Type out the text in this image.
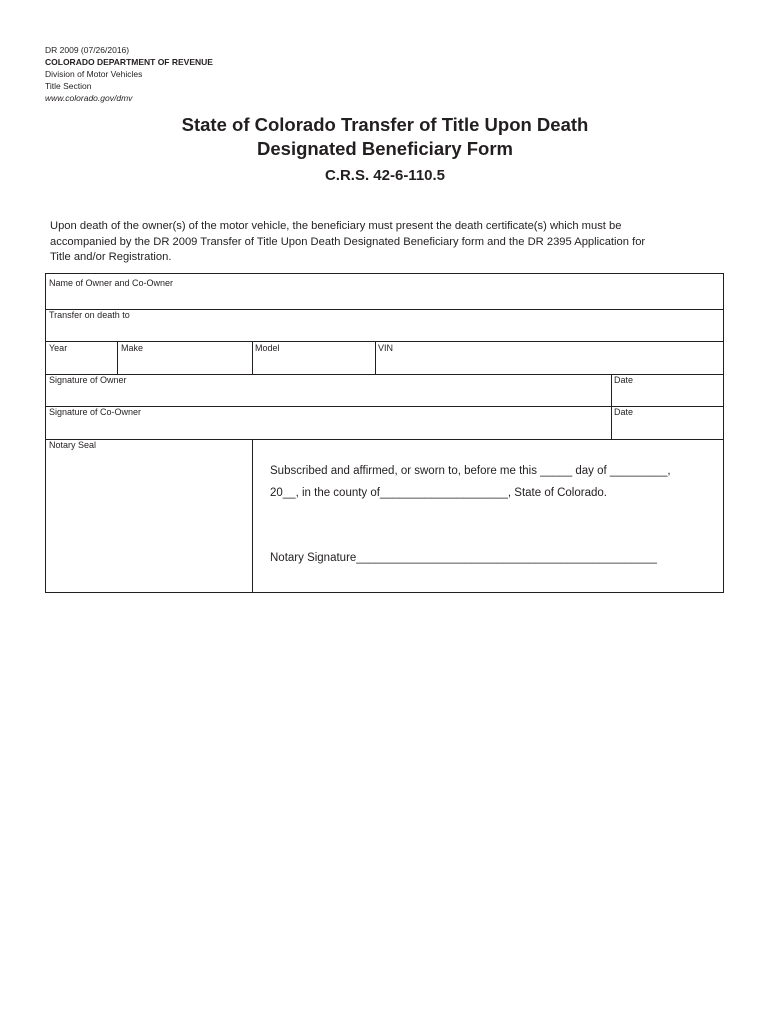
DR 2009 (07/26/2016)
COLORADO DEPARTMENT OF REVENUE
Division of Motor Vehicles
Title Section
www.colorado.gov/dmv
State of Colorado Transfer of Title Upon Death
Designated Beneficiary Form
C.R.S. 42-6-110.5
Upon death of the owner(s) of the motor vehicle, the beneficiary must present the death certificate(s) which must be
accompanied by the DR 2009 Transfer of Title Upon Death Designated Beneficiary form and the DR 2395 Application for
Title and/or Registration.
Name of Owner and Co-Owner
Transfer on death to
Year	Make	Model	VIN
Signature of Owner	Date
Signature of Co-Owner	Date
Notary Seal
Subscribed and affirmed, or sworn to, before me this _____ day of _________,
20__, in the county of____________________, State of Colorado.
Notary Signature_______________________________________________
